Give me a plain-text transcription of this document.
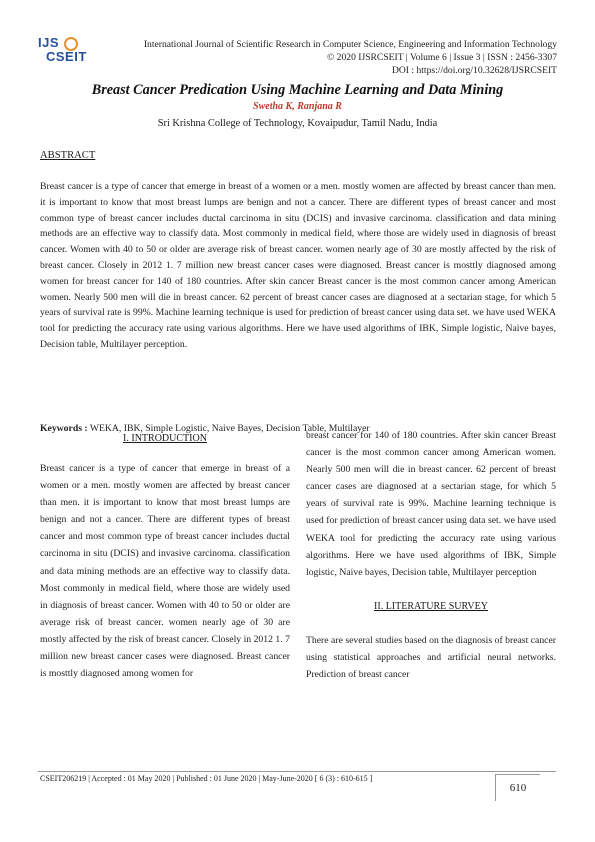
IJS
CSEIT
International Journal of Scientific Research in Computer Science, Engineering and Information Technology
© 2020 IJSRCSEIT | Volume 6 | Issue 3 | ISSN : 2456-3307
DOI : https://doi.org/10.32628/IJSRCSEIT
Breast Cancer Predication Using Machine Learning and Data Mining
Swetha K, Ranjana R
Sri Krishna College of Technology, Kovaipudur, Tamil Nadu, India
ABSTRACT
Breast cancer is a type of cancer that emerge in breast of a women or a men. mostly women are affected by breast cancer than men. it is important to know that most breast lumps are benign and not a cancer. There are different types of breast cancer and most common type of breast cancer includes ductal carcinoma in situ (DCIS) and invasive carcinoma. classification and data mining methods are an effective way to classify data. Most commonly in medical field, where those are widely used in diagnosis of breast cancer. Women with 40 to 50 or older are average risk of breast cancer. women nearly age of 30 are mostly affected by the risk of breast cancer. Closely in 2012 1. 7 million new breast cancer cases were diagnosed. Breast cancer is mosttly diagnosed among women for breast cancer for 140 of 180 countries. After skin cancer Breast cancer is the most common cancer among American women. Nearly 500 men will die in breast cancer. 62 percent of breast cancer cases are diagnosed at a sectarian stage, for which 5 years of survival rate is 99%. Machine learning technique is used for prediction of breast cancer using data set. we have used WEKA tool for predicting the accuracy rate using various algorithms. Here we have used algorithms of IBK, Simple logistic, Naive bayes, Decision table, Multilayer perception.
Keywords : WEKA, IBK, Simple Logistic, Naive Bayes, Decision Table, Multilayer

I. INTRODUCTION

Breast cancer is a type of cancer that emerge in breast of a women or a men. mostly women are affected by breast cancer than men. it is important to know that most breast lumps are benign and not a cancer. There are different types of breast cancer and most common type of breast cancer includes ductal carcinoma in situ (DCIS) and invasive carcinoma. classification and data mining methods are an effective way to classify data. Most commonly in medical field, where those are widely used in diagnosis of breast cancer. Women with 40 to 50 or older are average risk of breast cancer. women nearly age of 30 are mostly affected by the risk of breast cancer. Closely in 2012 1. 7 million new breast cancer cases were diagnosed. Breast cancer is mosttly diagnosed among women for
breast cancer for 140 of 180 countries. After skin cancer Breast cancer is the most common cancer among American women. Nearly 500 men will die in breast cancer. 62 percent of breast cancer cases are diagnosed at a sectarian stage, for which 5 years of survival rate is 99%. Machine learning technique is used for prediction of breast cancer using data set. we have used WEKA tool for predicting the accuracy rate using various algorithms. Here we have used algorithms of IBK, Simple logistic, Naive bayes, Decision table, Multilayer perception

II. LITERATURE SURVEY

There are several studies based on the diagnosis of breast cancer using statistical approaches and artificial neural networks. Prediction of breast cancer
CSEIT206219 | Accepted : 01 May 2020 | Published : 01 June 2020 | May-June-2020 [ 6 (3) : 610-615 ]
610
